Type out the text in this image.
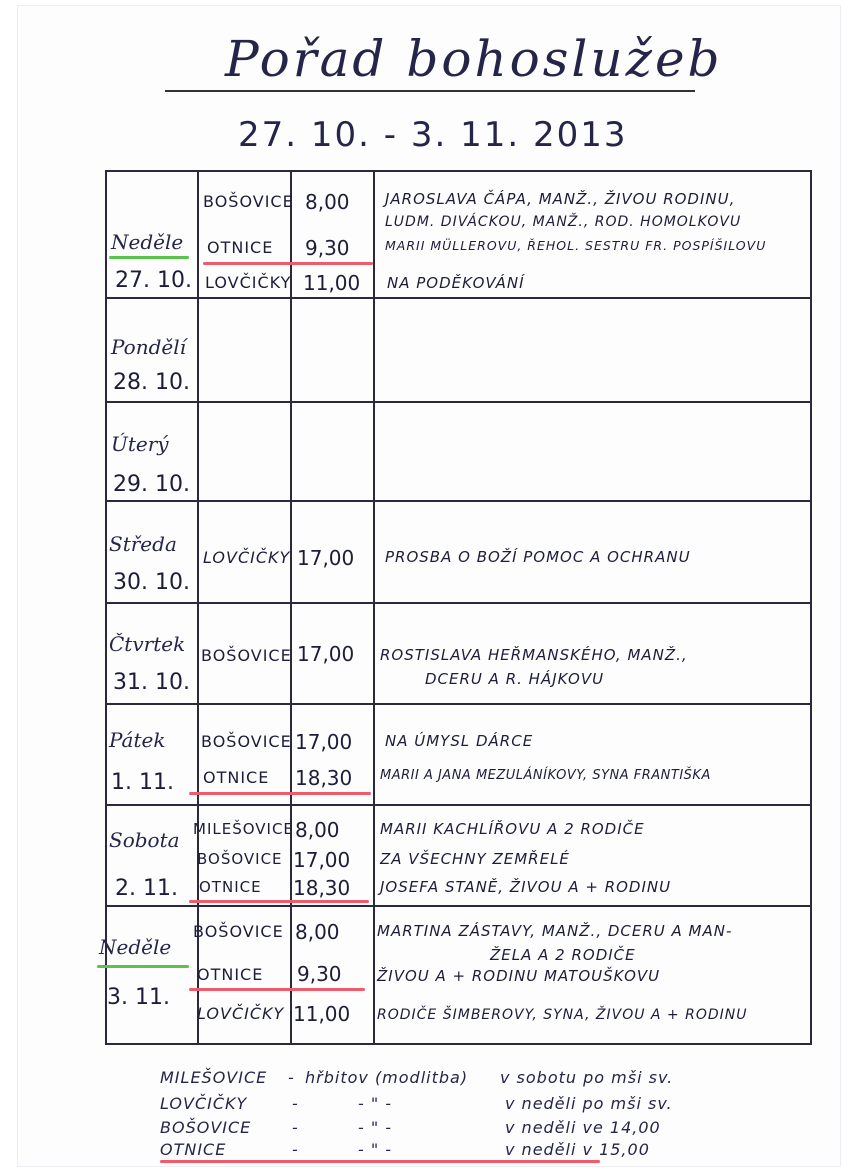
Pořad bohoslužeb
27. 10. - 3. 11. 2013
Neděle
27. 10.
BOŠOVICE 8,00 JAROSLAVA ČÁPA, MANŽ., ŽIVOU RODINU,
LUDM. DIVÁCKOU, MANŽ., ROD. HOMOLKOVU
OTNICE 9,30	MARII MÜLLEROVU, ŘEHOL. SESTRU FR. POSPÍŠILOVU
LOVČIČKY 11,00 NA PODĚKOVÁNÍ
Pondělí
28. 10.
Úterý
29. 10.
Středa
30. 10.
LOVČIČKY 17,00 PROSBA O BOŽÍ POMOC A OCHRANU
Čtvrtek
31. 10.
BOŠOVICE 17,00 ROSTISLAVA HEŘMANSKÉHO, MANŽ.,
DCERU A R. HÁJKOVU
Pátek
1. 11.
BOŠOVICE 17,00 NA ÚMYSL DÁRCE
OTNICE 18,30 MARII A JANA MEZULÁNÍKOVY, SYNA FRANTIŠKA
Sobota
2. 11.
MILEŠOVICE 8,00	MARII KACHLÍŘOVU A 2 RODIČE
BOŠOVICE 17,00 ZA VŠECHNY ZEMŘELÉ
OTNICE 18,30 JOSEFA STANĚ, ŽIVOU A + RODINU
Neděle
3. 11.
BOŠOVICE 8,00 MARTINA ZÁSTAVY, MANŽ., DCERU A MAN-
ŽELA A 2 RODIČE
OTNICE 9,30 ŽIVOU A + RODINU MATOUŠKOVU
LOVČIČKY 11,00 RODIČE ŠIMBEROVY, SYNA, ŽIVOU A + RODINU
MILEŠOVICE - hřbitov (modlitba) v sobotu po mši sv.
LOVČIČKY	-	- " -	v neděli po mši sv.
BOŠOVICE	-	- " -	v neděli ve 14,00
OTNICE	-	- " -	v neděli v 15,00
